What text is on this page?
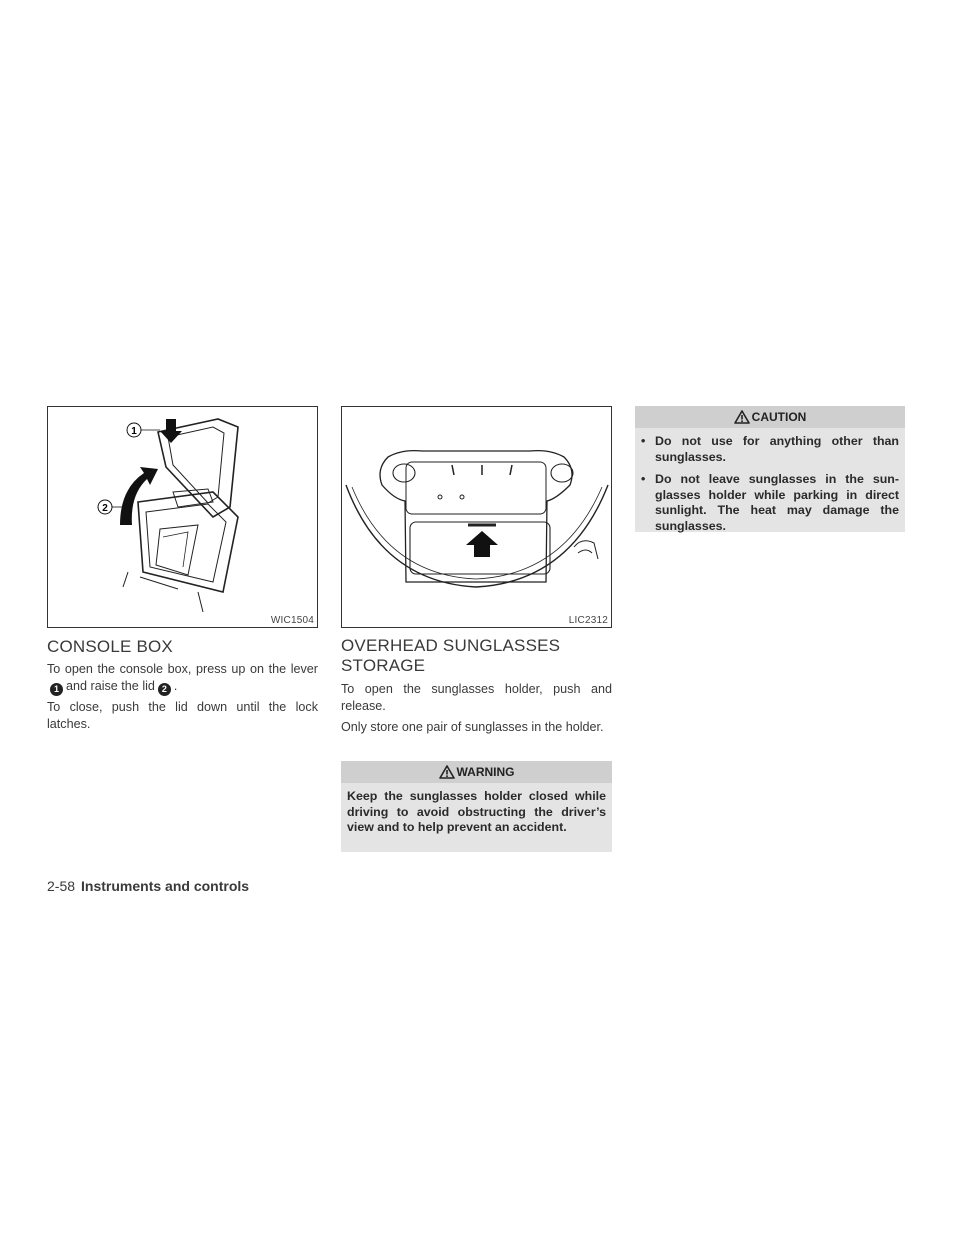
1
2
WIC1504	LIC2312
CONSOLE BOX

To open the console box, press up on the lever1 and raise the lid 2 .

To close, push the lid down until the lock latches.

OVERHEAD SUNGLASSES
STORAGE

To open the sunglasses holder, push and release.

Only store one pair of sunglasses in the holder.

WARNING
Keep the sunglasses holder closed while driving to avoid obstructing the driver’s view and to help prevent an accident.
CAUTION
• Do not use for anything other than sunglasses.
• Do not leave sunglasses in the sun-glasses holder while parking in direct sunlight. The heat may damage the sunglasses.
2-58 Instruments and controls
